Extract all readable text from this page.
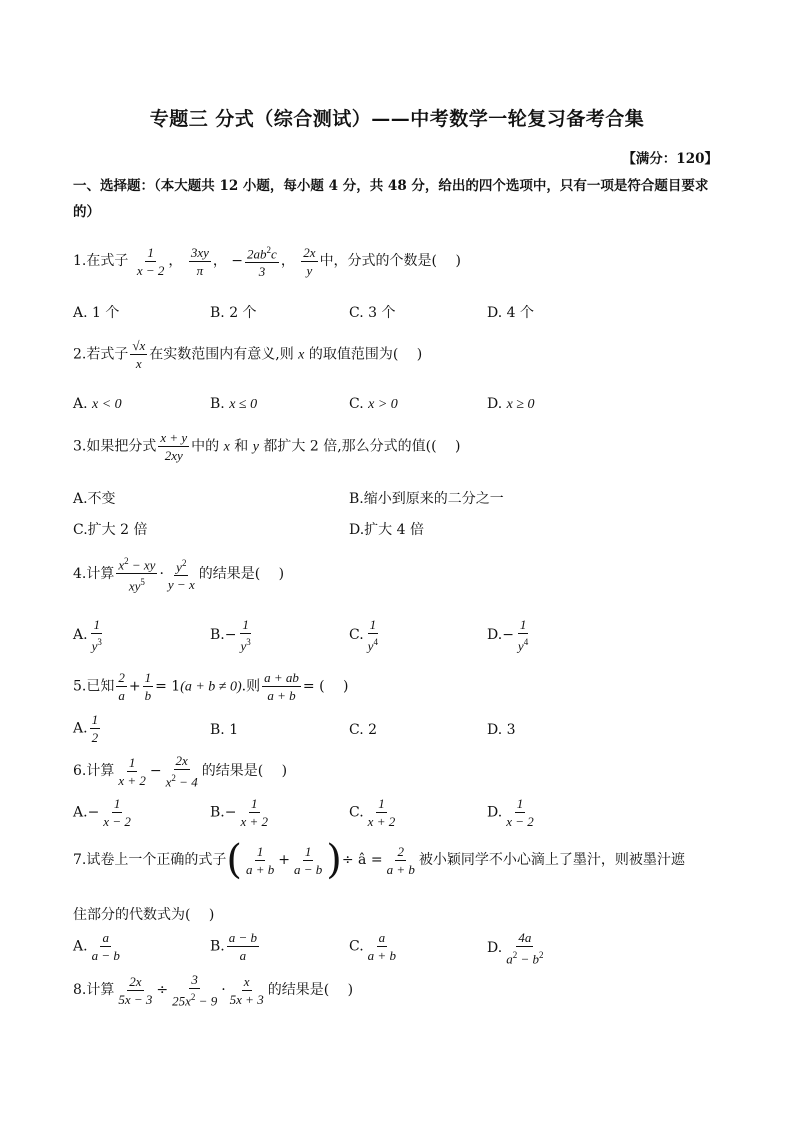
专题三 分式（综合测试）——中考数学一轮复习备考合集
【满分：120】
一、选择题：（本大题共 12 小题，每小题 4 分，共 48 分，给出的四个选项中，只有一项是符合题目要求的）
1.在式子 $\frac{1}{x - 2}$ ， $\frac{3xy}{\pi}$ ， − $\frac{2ab^2c}{3}$ ， $\frac{2x}{y}$ 中，分式的个数是(　 )
A. 1 个	B. 2 个	C. 3 个	D. 4 个
2.若式子 $\frac{√x}{x}$ 在实数范围内有意义,则 x 的取值范围为(　 )
A. x < 0	B. x ≤ 0	C. x > 0	D. x ≥ 0
3.如果把分式 $\frac{x + y}{2xy}$ 中的 x 和 y 都扩大 2 倍,那么分式的值((　 )
A.不变	B.缩小到原来的二分之一
C.扩大 2 倍	D.扩大 4 倍
4.计算 $\frac{x^2 - xy}{xy^5} \cdot \frac{y^2}{y - x}$ 的结果是(　 )
A. $\frac{1}{y^3}$	$B.- \frac{1}{y^3}$	C. $\frac{1}{y^4}$	$D.- \frac{1}{y^4}$
5.已知 $\frac{2}{a} + \frac{1}{b} = 1(a + b \ne 0)$.则 $\frac{a + ab}{a + b}$ = (　 )
A. $\frac{1}{2}$	B. 1	C. 2	D. 3
6.计算 $\frac{1}{x + 2} - \frac{2x}{x^2 - 4}$ 的结果是(　 )
$A.- \frac{1}{x - 2}$	$B.- \frac{1}{x + 2}$	C. $\frac{1}{x + 2}$	D. $\frac{1}{x - 2}$
7.试卷上一个正确的式子( $\frac{1}{a + b} + \frac{1}{a - b}$ )÷ â = $\frac{2}{a + b}$ 被小颖同学不小心滴上了墨汁，则被墨汁遮
住部分的代数式为(　 )
A. $\frac{a}{a - b}$	B. $\frac{a - b}{a}$	C. $\frac{a}{a + b}$	D. $\frac{4a}{a^2 - b^2}$
8.计算 $\frac{2x}{5x - 3} \div \frac{3}{25x^2 - 9} \cdot \frac{x}{5x + 3}$ 的结果是(　 )
